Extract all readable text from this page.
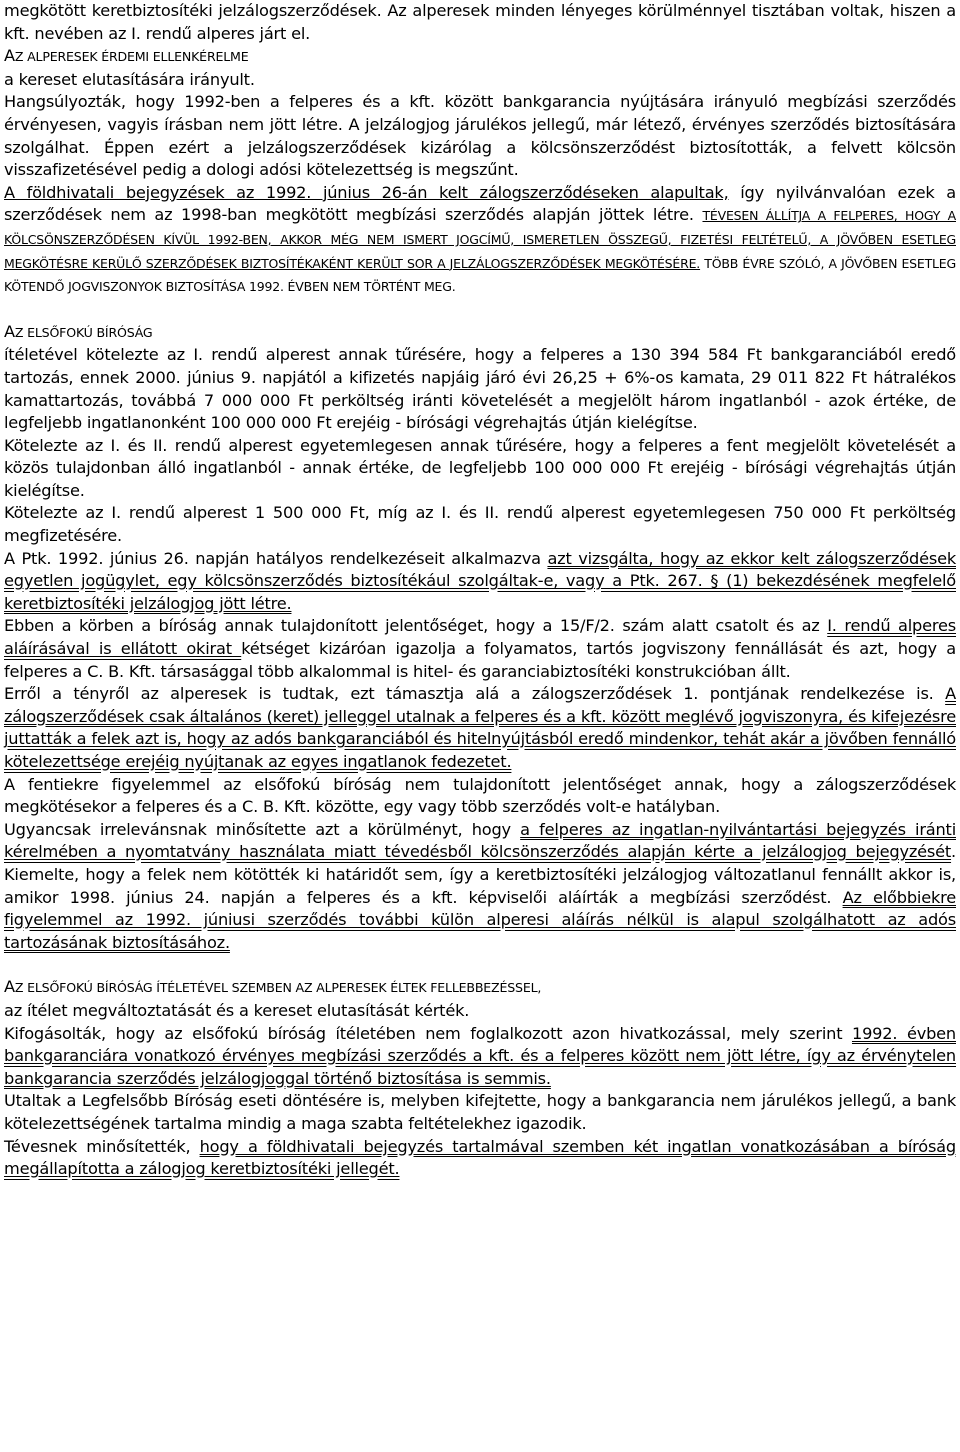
megkötött keretbiztosítéki jelzálogszerződések. Az alperesek minden lényeges körülménnyel tisztában voltak, hiszen a kft. nevében az I. rendű alperes járt el.

AZ ALPERESEK ÉRDEMI ELLENKÉRELME

a kereset elutasítására irányult.

Hangsúlyozták, hogy 1992-ben a felperes és a kft. között bankgarancia nyújtására irányuló megbízási szerződés érvényesen, vagyis írásban nem jött létre. A jelzálogjog járulékos jellegű, már létező, érvényes szerződés biztosítására szolgálhat. Éppen ezért a jelzálogszerződések kizárólag a kölcsönszerződést biztosították, a felvett kölcsön visszafizetésével pedig a dologi adósi kötelezettség is megszűnt.

A földhivatali bejegyzések az 1992. június 26-án kelt zálogszerződéseken alapultak, így nyilvánvalóan ezek a szerződések nem az 1998-ban megkötött megbízási szerződés alapján jöttek létre. TÉVESEN ÁLLÍTJA A FELPERES, HOGY A KÖLCSÖNSZERZŐDÉSEN KÍVÜL 1992-BEN, AKKOR MÉG NEM ISMERT JOGCÍMŰ, ISMERETLEN ÖSSZEGŰ, FIZETÉSI FELTÉTELŰ, A JÖVŐBEN ESETLEG MEGKÖTÉSRE KERÜLŐ SZERZŐDÉSEK BIZTOSÍTÉKAKÉNT KERÜLT SOR A JELZÁLOGSZERZŐDÉSEK MEGKÖTÉSÉRE. TÖBB ÉVRE SZÓLÓ, A JÖVŐBEN ESETLEG KÖTENDŐ JOGVISZONYOK BIZTOSÍTÁSA 1992. ÉVBEN NEM TÖRTÉNT MEG.

AZ ELSŐFOKÚ BÍRÓSÁG

ítéletével kötelezte az I. rendű alperest annak tűrésére, hogy a felperes a 130 394 584 Ft bankgaranciából eredő tartozás, ennek 2000. június 9. napjától a kifizetés napjáig járó évi 26,25 + 6%-os kamata, 29 011 822 Ft hátralékos kamattartozás, továbbá 7 000 000 Ft perköltség iránti követelését a megjelölt három ingatlanból - azok értéke, de legfeljebb ingatlanonként 100 000 000 Ft erejéig - bírósági végrehajtás útján kielégítse.

Kötelezte az I. és II. rendű alperest egyetemlegesen annak tűrésére, hogy a felperes a fent megjelölt követelését a közös tulajdonban álló ingatlanból - annak értéke, de legfeljebb 100 000 000 Ft erejéig - bírósági végrehajtás útján kielégítse.

Kötelezte az I. rendű alperest 1 500 000 Ft, míg az I. és II. rendű alperest egyetemlegesen 750 000 Ft perköltség megfizetésére.

A Ptk. 1992. június 26. napján hatályos rendelkezéseit alkalmazva azt vizsgálta, hogy az ekkor kelt zálogszerződések egyetlen jogügylet, egy kölcsönszerződés biztosítékául szolgáltak-e, vagy a Ptk. 267. § (1) bekezdésének megfelelő keretbiztosítéki jelzálogjog jött létre.

Ebben a körben a bíróság annak tulajdonított jelentőséget, hogy a 15/F/2. szám alatt csatolt és az I. rendű alperes aláírásával is ellátott okirat kétséget kizáróan igazolja a folyamatos, tartós jogviszony fennállását és azt, hogy a felperes a C. B. Kft. társasággal több alkalommal is hitel- és garanciabiztosítéki konstrukcióban állt.

Erről a tényről az alperesek is tudtak, ezt támasztja alá a zálogszerződések 1. pontjának rendelkezése is. A zálogszerződések csak általános (keret) jelleggel utalnak a felperes és a kft. között meglévő jogviszonyra, és kifejezésre juttatták a felek azt is, hogy az adós bankgaranciából és hitelnyújtásból eredő mindenkor, tehát akár a jövőben fennálló kötelezettsége erejéig nyújtanak az egyes ingatlanok fedezetet.

A fentiekre figyelemmel az elsőfokú bíróság nem tulajdonított jelentőséget annak, hogy a zálogszerződések megkötésekor a felperes és a C. B. Kft. közötte, egy vagy több szerződés volt-e hatályban.

Ugyancsak irrelevánsnak minősítette azt a körülményt, hogy a felperes az ingatlan-nyilvántartási bejegyzés iránti kérelmében a nyomtatvány használata miatt tévedésből kölcsönszerződés alapján kérte a jelzálogjog bejegyzését. Kiemelte, hogy a felek nem kötötték ki határidőt sem, így a keretbiztosítéki jelzálogjog változatlanul fennállt akkor is, amikor 1998. június 24. napján a felperes és a kft. képviselői aláírták a megbízási szerződést. Az előbbiekre figyelemmel az 1992. júniusi szerződés további külön alperesi aláírás nélkül is alapul szolgálhatott az adós tartozásának biztosításához.

AZ ELSŐFOKÚ BÍRÓSÁG ÍTÉLETÉVEL SZEMBEN AZ ALPERESEK ÉLTEK FELLEBBEZÉSSEL,

az ítélet megváltoztatását és a kereset elutasítását kérték.

Kifogásolták, hogy az elsőfokú bíróság ítéletében nem foglalkozott azon hivatkozással, mely szerint 1992. évben bankgaranciára vonatkozó érvényes megbízási szerződés a kft. és a felperes között nem jött létre, így az érvénytelen bankgarancia szerződés jelzálogjoggal történő biztosítása is semmis.

Utaltak a Legfelsőbb Bíróság eseti döntésére is, melyben kifejtette, hogy a bankgarancia nem járulékos jellegű, a bank kötelezettségének tartalma mindig a maga szabta feltételekhez igazodik.

Tévesnek minősítették, hogy a földhivatali bejegyzés tartalmával szemben két ingatlan vonatkozásában a bíróság megállapította a zálogjog keretbiztosítéki jellegét.
